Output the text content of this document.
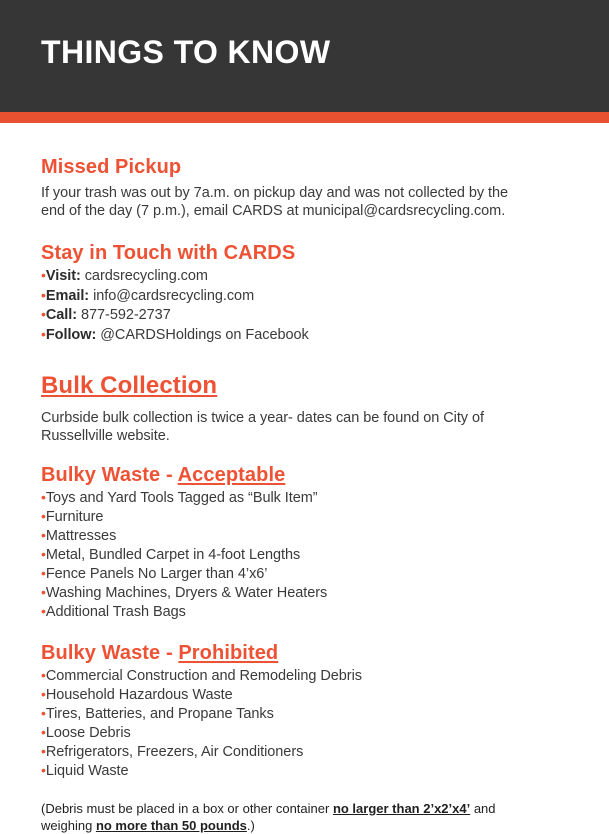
THINGS TO KNOW
Missed Pickup

If your trash was out by 7a.m. on pickup day and was not collected by the end of the day (7 p.m.), email CARDS at municipal@cardsrecycling.com.

Stay in Touch with CARDS
•Visit: cardsrecycling.com
•Email: info@cardsrecycling.com
•Call: 877-592-2737
•Follow: @CARDSHoldings on Facebook
Bulk Collection

Curbside bulk collection is twice a year- dates can be found on City of Russellville website.

Bulky Waste - Acceptable
•Toys and Yard Tools Tagged as “Bulk Item”
•Furniture
•Mattresses
•Metal, Bundled Carpet in 4-foot Lengths
•Fence Panels No Larger than 4’x6’
•Washing Machines, Dryers & Water Heaters
•Additional Trash Bags
Bulky Waste - Prohibited
•Commercial Construction and Remodeling Debris
•Household Hazardous Waste
•Tires, Batteries, and Propane Tanks
•Loose Debris
•Refrigerators, Freezers, Air Conditioners
•Liquid Waste

(Debris must be placed in a box or other container no larger than 2’x2’x4’ and weighing no more than 50 pounds.)
